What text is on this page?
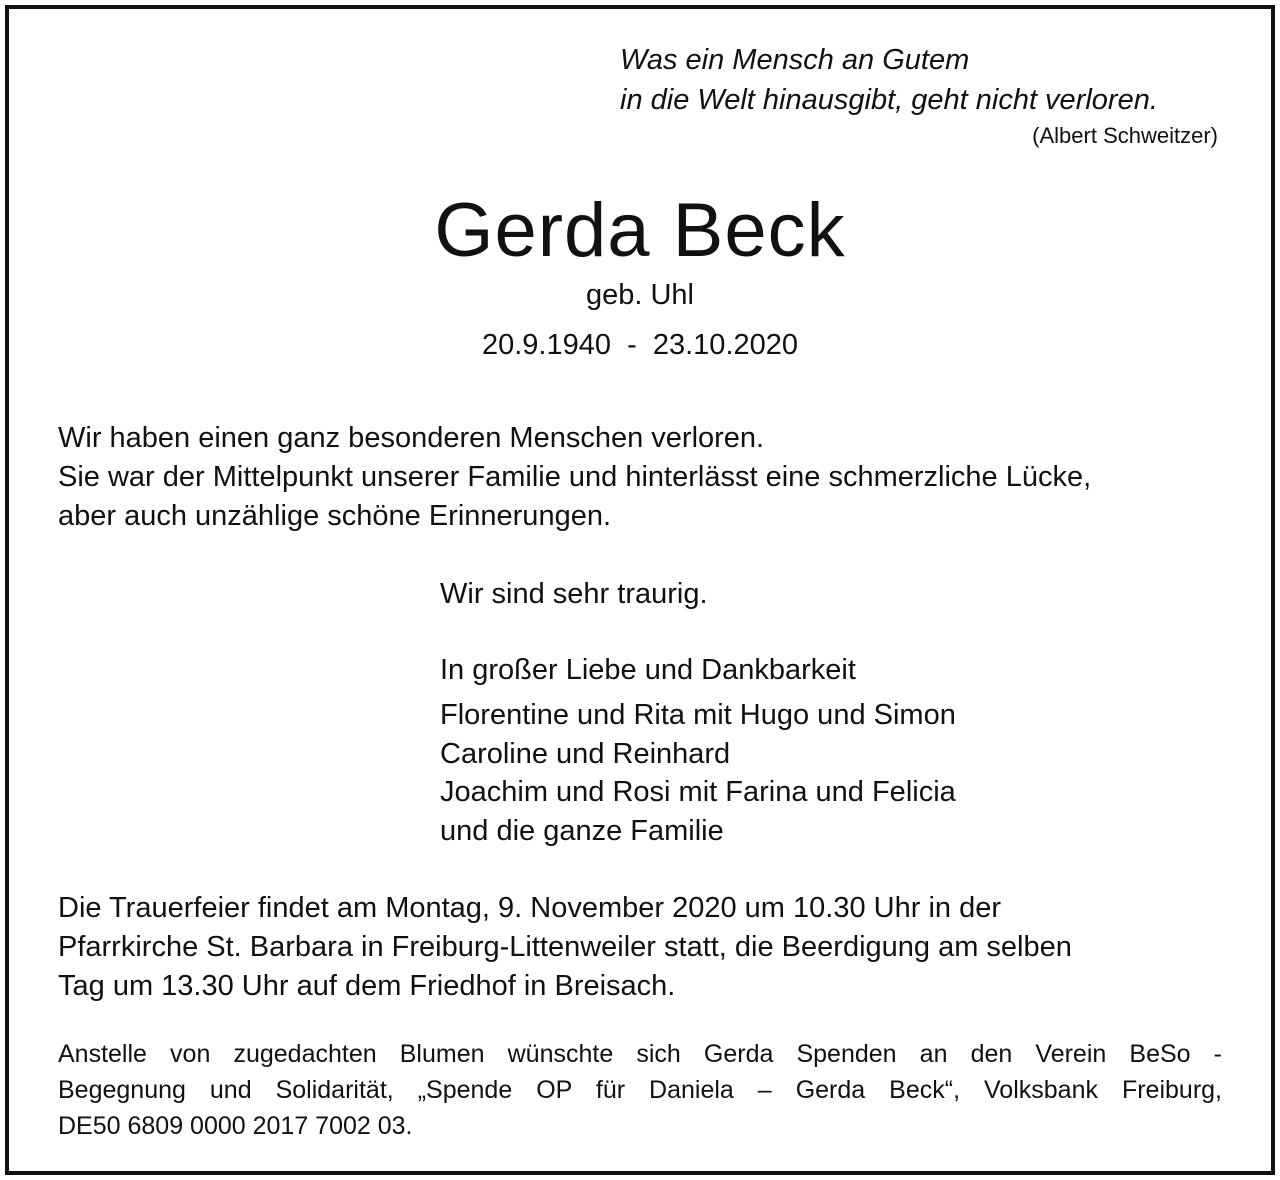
Was ein Mensch an Gutem
in die Welt hinausgibt, geht nicht verloren.
(Albert Schweitzer)
Gerda Beck
geb. Uhl
20.9.1940  -  23.10.2020
Wir haben einen ganz besonderen Menschen verloren.
Sie war der Mittelpunkt unserer Familie und hinterlässt eine schmerzliche Lücke,
aber auch unzählige schöne Erinnerungen.
Wir sind sehr traurig.
In großer Liebe und Dankbarkeit
Florentine und Rita mit Hugo und Simon
Caroline und Reinhard
Joachim und Rosi mit Farina und Felicia
und die ganze Familie
Die Trauerfeier findet am Montag, 9. November 2020 um 10.30 Uhr in der
Pfarrkirche St. Barbara in Freiburg-Littenweiler statt, die Beerdigung am selben
Tag um 13.30 Uhr auf dem Friedhof in Breisach.
Anstelle von zugedachten Blumen wünschte sich Gerda Spenden an den Verein BeSo -
Begegnung und Solidarität, „Spende OP für Daniela – Gerda Beck“, Volksbank Freiburg,
DE50 6809 0000 2017 7002 03.
